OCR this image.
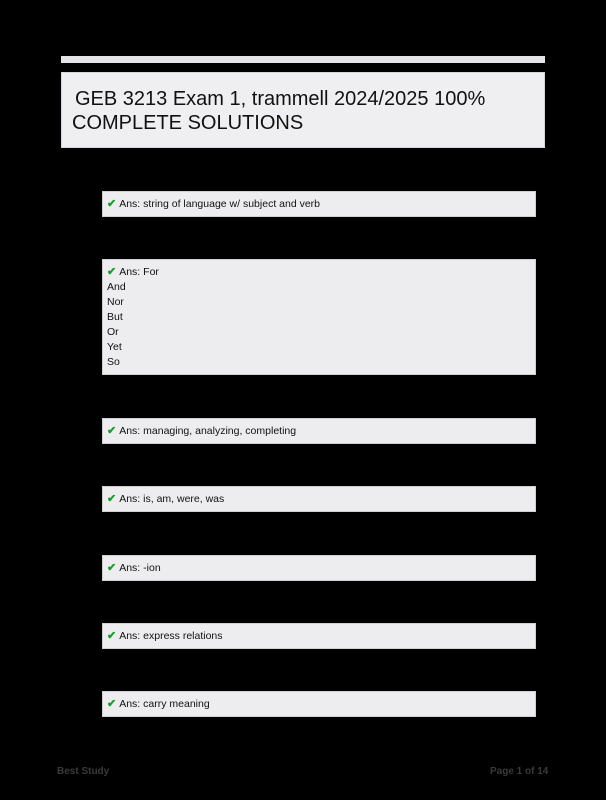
GEB 3213 Exam 1, trammell 2024/2025 100%
COMPLETE SOLUTIONS
✔ Ans:
string of language w/ subject and verb
✔ Ans:
For
And
Nor
But
Or
Yet
So
✔ Ans:
managing, analyzing, completing
✔ Ans:
is, am, were, was
✔ Ans:
-ion
✔ Ans:
express relations
✔ Ans:
carry meaning
Best Study	Page 1 of 14
